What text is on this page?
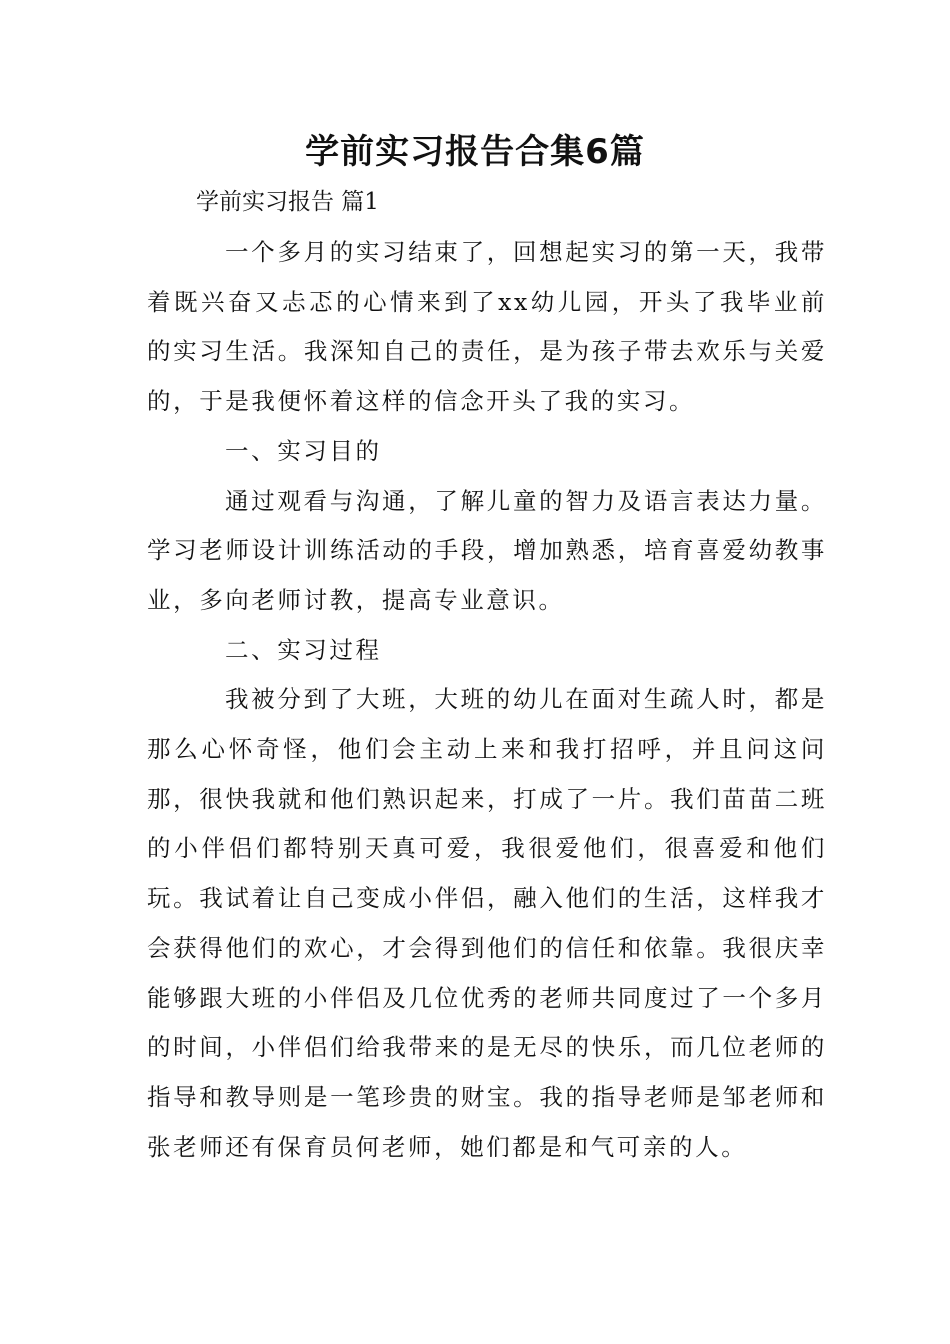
学前实习报告合集6篇
学前实习报告 篇1

一个多月的实习结束了，回想起实习的第一天，我带着既兴奋又忐忑的心情来到了xx幼儿园，开头了我毕业前的实习生活。我深知自己的责任，是为孩子带去欢乐与关爱的，于是我便怀着这样的信念开头了我的实习。

一、实习目的

通过观看与沟通，了解儿童的智力及语言表达力量。学习老师设计训练活动的手段，增加熟悉，培育喜爱幼教事业，多向老师讨教，提高专业意识。

二、实习过程

我被分到了大班，大班的幼儿在面对生疏人时，都是那么心怀奇怪，他们会主动上来和我打招呼，并且问这问那，很快我就和他们熟识起来，打成了一片。我们苗苗二班的小伴侣们都特别天真可爱，我很爱他们，很喜爱和他们玩。我试着让自己变成小伴侣，融入他们的生活，这样我才会获得他们的欢心，才会得到他们的信任和依靠。我很庆幸能够跟大班的小伴侣及几位优秀的老师共同度过了一个多月的时间，小伴侣们给我带来的是无尽的快乐，而几位老师的指导和教导则是一笔珍贵的财宝。我的指导老师是邹老师和张老师还有保育员何老师，她们都是和气可亲的人。
